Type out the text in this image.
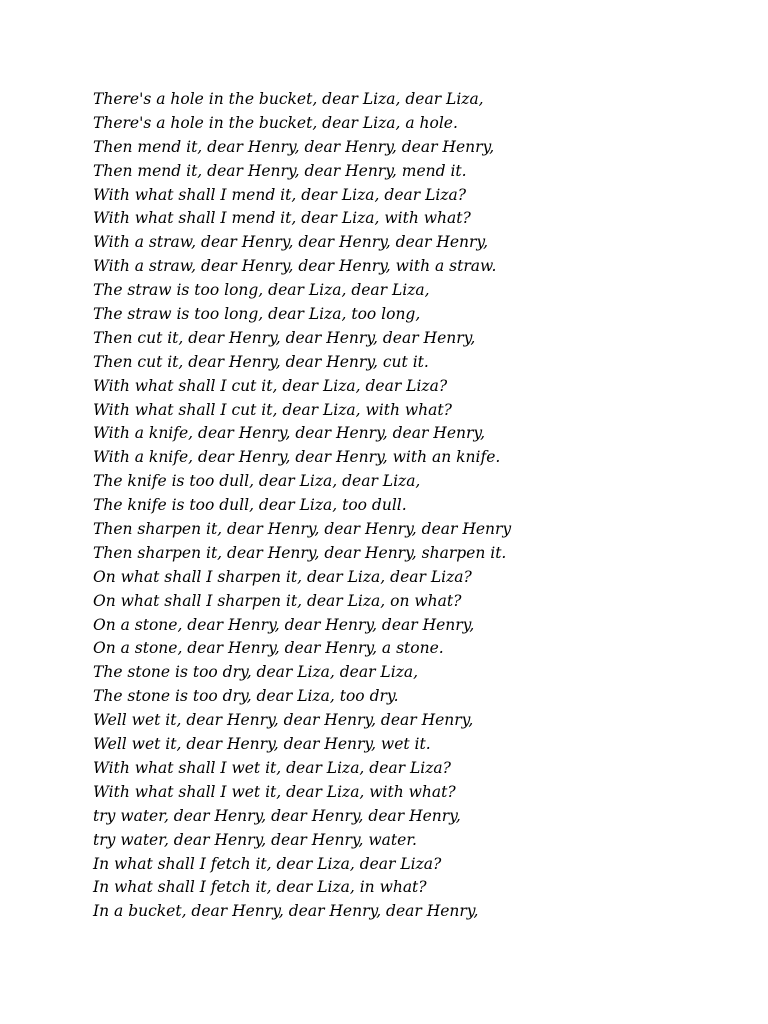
There's a hole in the bucket, dear Liza, dear Liza,
There's a hole in the bucket, dear Liza, a hole.
Then mend it, dear Henry, dear Henry, dear Henry,
Then mend it, dear Henry, dear Henry, mend it.
With what shall I mend it, dear Liza, dear Liza?
With what shall I mend it, dear Liza, with what?
With a straw, dear Henry, dear Henry, dear Henry,
With a straw, dear Henry, dear Henry, with a straw.
The straw is too long, dear Liza, dear Liza,
The straw is too long, dear Liza, too long,
Then cut it, dear Henry, dear Henry, dear Henry,
Then cut it, dear Henry, dear Henry, cut it.
With what shall I cut it, dear Liza, dear Liza?
With what shall I cut it, dear Liza, with what?
With a knife, dear Henry, dear Henry, dear Henry,
With a knife, dear Henry, dear Henry, with an knife.
The knife is too dull, dear Liza, dear Liza,
The knife is too dull, dear Liza, too dull.
Then sharpen it, dear Henry, dear Henry, dear Henry
Then sharpen it, dear Henry, dear Henry, sharpen it.
On what shall I sharpen it, dear Liza, dear Liza?
On what shall I sharpen it, dear Liza, on what?
On a stone, dear Henry, dear Henry, dear Henry,
On a stone, dear Henry, dear Henry, a stone.
The stone is too dry, dear Liza, dear Liza,
The stone is too dry, dear Liza, too dry.
Well wet it, dear Henry, dear Henry, dear Henry,
Well wet it, dear Henry, dear Henry, wet it.
With what shall I wet it, dear Liza, dear Liza?
With what shall I wet it, dear Liza, with what?
try water, dear Henry, dear Henry, dear Henry,
try water, dear Henry, dear Henry, water.
In what shall I fetch it, dear Liza, dear Liza?
In what shall I fetch it, dear Liza, in what?
In a bucket, dear Henry, dear Henry, dear Henry,
